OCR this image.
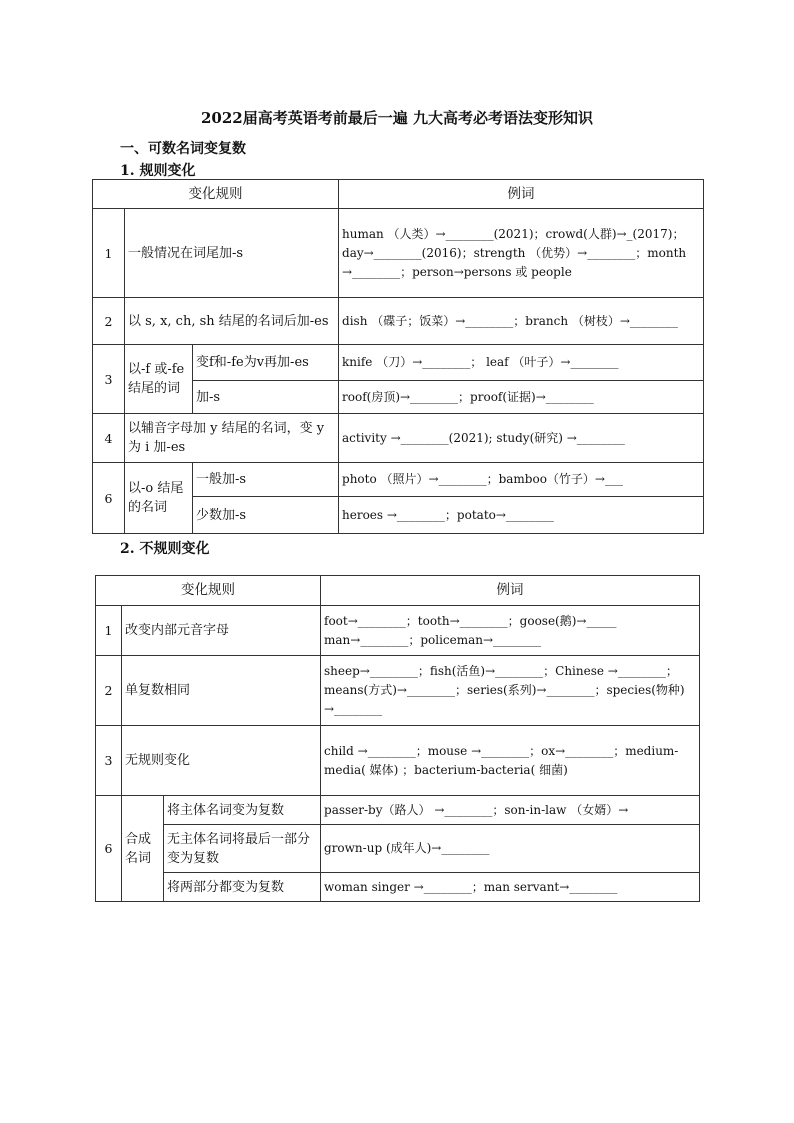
2022届高考英语考前最后一遍 九大高考必考语法变形知识
一、可数名词变复数
1. 规则变化
变化规则			例词
1	一般情况在词尾加-s		human （人类）→________(2021)；crowd(人群)→_(2017)；day→________(2016)；strength （优势）→________；month →________；person→persons 或 people
2	以 s, x, ch, sh 结尾的名词后加-es		dish （碟子；饭菜）→________；branch （树枝）→________
3	以-f 或-fe 结尾的词	变f和-fe为v再加-es	knife （刀）→________； leaf （叶子）→________
		加-s	roof(房顶)→________；proof(证据)→________
4	以辅音字母加 y 结尾的名词，变 y 为 i 加-es		activity →________(2021); study(研究) →________
6	以-o 结尾的名词	一般加-s	photo （照片）→________；bamboo（竹子）→___
		少数加-s	heroes →________；potato→________
2. 不规则变化
变化规则			例词
1	改变内部元音字母		foot→________；tooth→________；goose(鹅)→_____ man→________；policeman→________
2	单复数相同		sheep→________；fish(活鱼)→________；Chinese →________；means(方式)→________；series(系列)→________；species(物种) →________
3	无规则变化		child →________；mouse →________；ox→________；medium-media( 媒体) ；bacterium-bacteria( 细菌)
6	合成名词	将主体名词变为复数	passer-by（路人） →________；son-in-law （女婿）→
		无主体名词将最后一部分变为复数	grown-up (成年人)→________
		将两部分都变为复数	woman singer →________；man servant→________
